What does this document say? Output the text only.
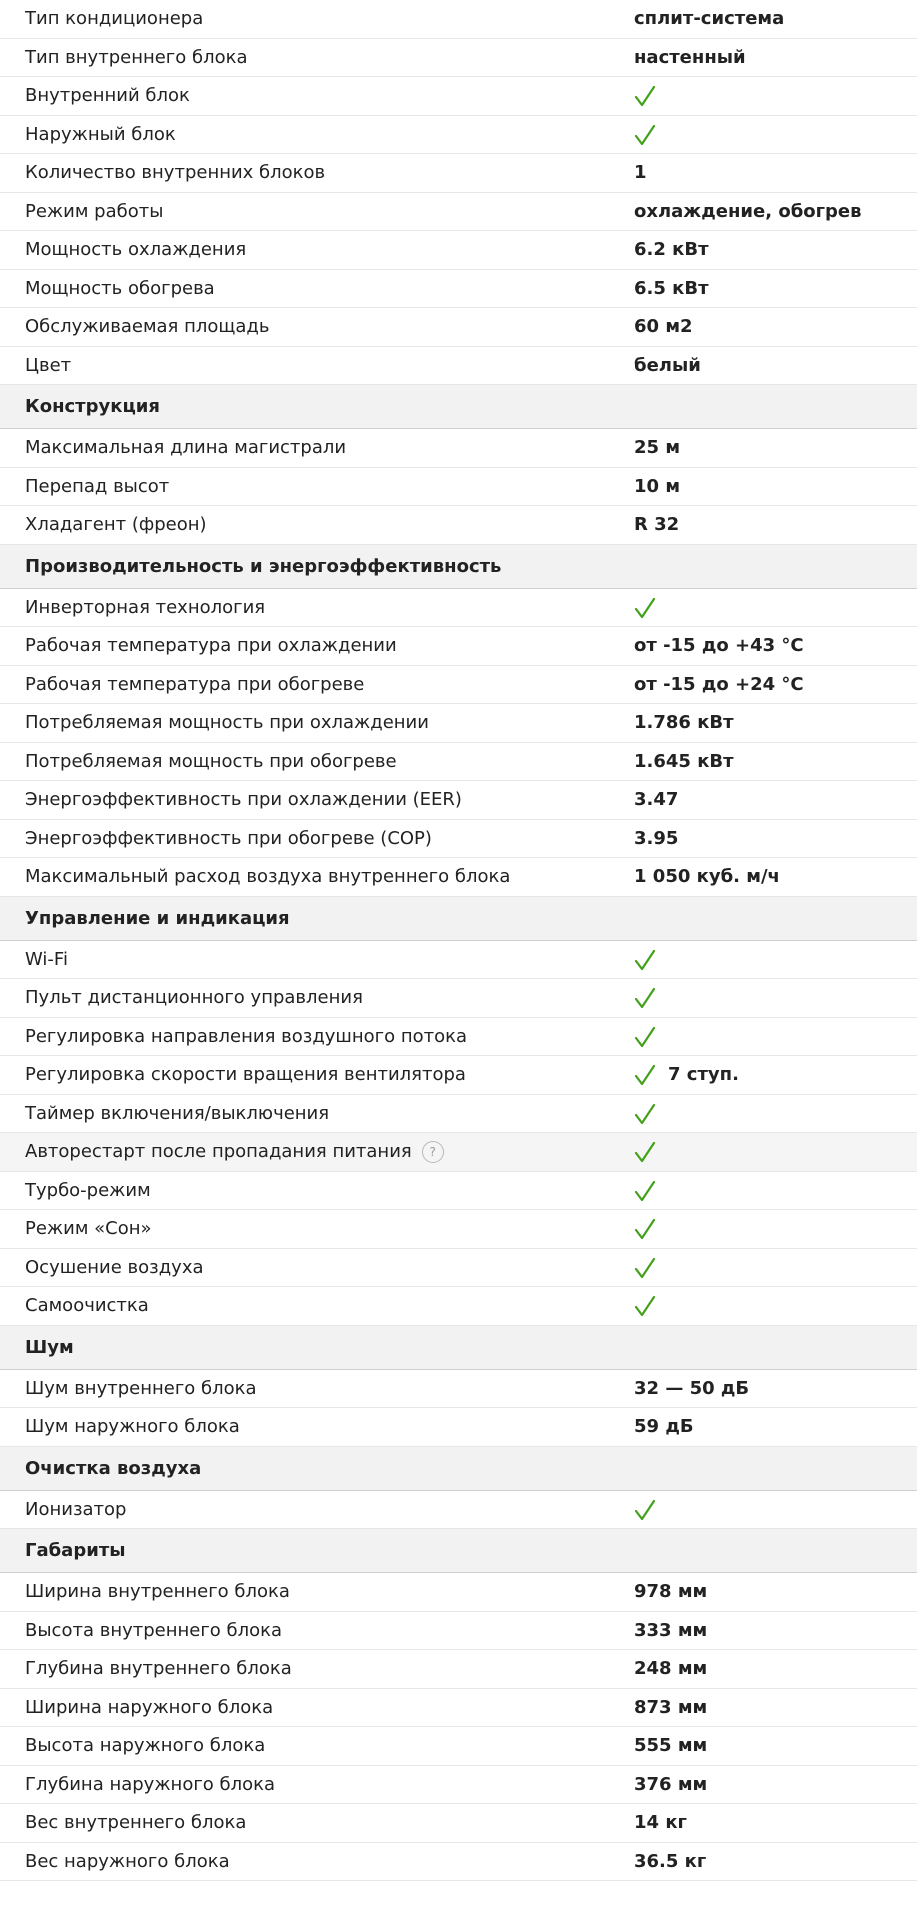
Тип кондиционера	сплит-система
Тип внутреннего блока	настенный
Внутренний блок
Наружный блок
Количество внутренних блоков	1
Режим работы	охлаждение, обогрев
Мощность охлаждения	6.2 кВт
Мощность обогрева	6.5 кВт
Обслуживаемая площадь	60 м2
Цвет	белый
Конструкция
Максимальная длина магистрали	25 м
Перепад высот	10 м
Хладагент (фреон)	R 32
Производительность и энергоэффективность
Инверторная технология
Рабочая температура при охлаждении	от -15 до +43 °C
Рабочая температура при обогреве	от -15 до +24 °C
Потребляемая мощность при охлаждении	1.786 кВт
Потребляемая мощность при обогреве	1.645 кВт
Энергоэффективность при охлаждении (EER)	3.47
Энергоэффективность при обогреве (COP)	3.95
Максимальный расход воздуха внутреннего блока	1 050 куб. м/ч
Управление и индикация
Wi-Fi
Пульт дистанционного управления
Регулировка направления воздушного потока
Регулировка скорости вращения вентилятора	7 ступ.
Таймер включения/выключения
Авторестарт после пропадания питания ?
Турбо-режим
Режим «Сон»
Осушение воздуха
Самоочистка
Шум
Шум внутреннего блока	32 — 50 дБ
Шум наружного блока	59 дБ
Очистка воздуха
Ионизатор
Габариты
Ширина внутреннего блока	978 мм
Высота внутреннего блока	333 мм
Глубина внутреннего блока	248 мм
Ширина наружного блока	873 мм
Высота наружного блока	555 мм
Глубина наружного блока	376 мм
Вес внутреннего блока	14 кг
Вес наружного блока	36.5 кг
